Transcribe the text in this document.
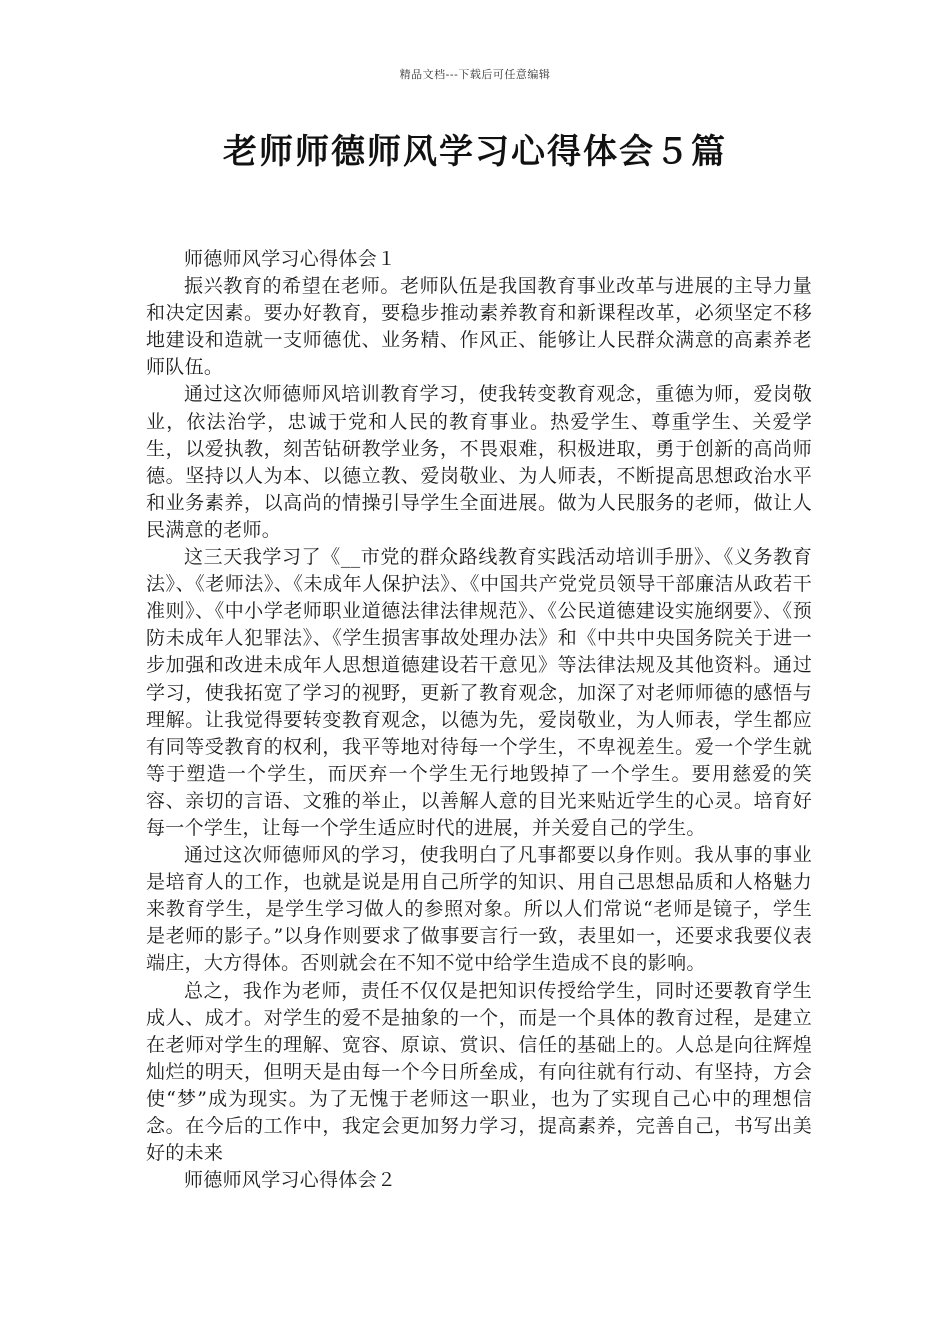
精品文档---下载后可任意编辑
老师师德师风学习心得体会５篇

师德师风学习心得体会１

振兴教育的希望在老师。老师队伍是我国教育事业改革与进展的主导力量和决定因素。要办好教育，要稳步推动素养教育和新课程改革，必须坚定不移地建设和造就一支师德优、业务精、作风正、能够让人民群众满意的高素养老师队伍。

通过这次师德师风培训教育学习，使我转变教育观念，重德为师，爱岗敬业，依法治学，忠诚于党和人民的教育事业。热爱学生、尊重学生、关爱学生，以爱执教，刻苦钻研教学业务，不畏艰难，积极进取，勇于创新的高尚师德。坚持以人为本、以德立教、爱岗敬业、为人师表，不断提高思想政治水平和业务素养，以高尚的情操引导学生全面进展。做为人民服务的老师，做让人民满意的老师。

这三天我学习了《__市党的群众路线教育实践活动培训手册》、《义务教育法》、《老师法》、《未成年人保护法》、《中国共产党党员领导干部廉洁从政若干准则》、《中小学老师职业道德法律法律规范》、《公民道德建设实施纲要》、《预防未成年人犯罪法》、《学生损害事故处理办法》和《中共中央国务院关于进一步加强和改进未成年人思想道德建设若干意见》等法律法规及其他资料。通过学习，使我拓宽了学习的视野，更新了教育观念，加深了对老师师德的感悟与理解。让我觉得要转变教育观念，以德为先，爱岗敬业，为人师表，学生都应有同等受教育的权利，我平等地对待每一个学生，不卑视差生。爱一个学生就等于塑造一个学生，而厌弃一个学生无行地毁掉了一个学生。要用慈爱的笑容、亲切的言语、文雅的举止，以善解人意的目光来贴近学生的心灵。培育好每一个学生，让每一个学生适应时代的进展，并关爱自己的学生。

通过这次师德师风的学习，使我明白了凡事都要以身作则。我从事的事业是培育人的工作，也就是说是用自己所学的知识、用自己思想品质和人格魅力来教育学生，是学生学习做人的参照对象。所以人们常说“老师是镜子，学生是老师的影子。”以身作则要求了做事要言行一致，表里如一，还要求我要仪表端庄，大方得体。否则就会在不知不觉中给学生造成不良的影响。

总之，我作为老师，责任不仅仅是把知识传授给学生，同时还要教育学生成人、成才。对学生的爱不是抽象的一个，而是一个具体的教育过程，是建立在老师对学生的理解、宽容、原谅、赏识、信任的基础上的。人总是向往辉煌灿烂的明天，但明天是由每一个今日所垒成，有向往就有行动、有坚持，方会使“梦”成为现实。为了无愧于老师这一职业，也为了实现自己心中的理想信念。在今后的工作中，我定会更加努力学习，提高素养，完善自己，书写出美好的未来

师德师风学习心得体会２
